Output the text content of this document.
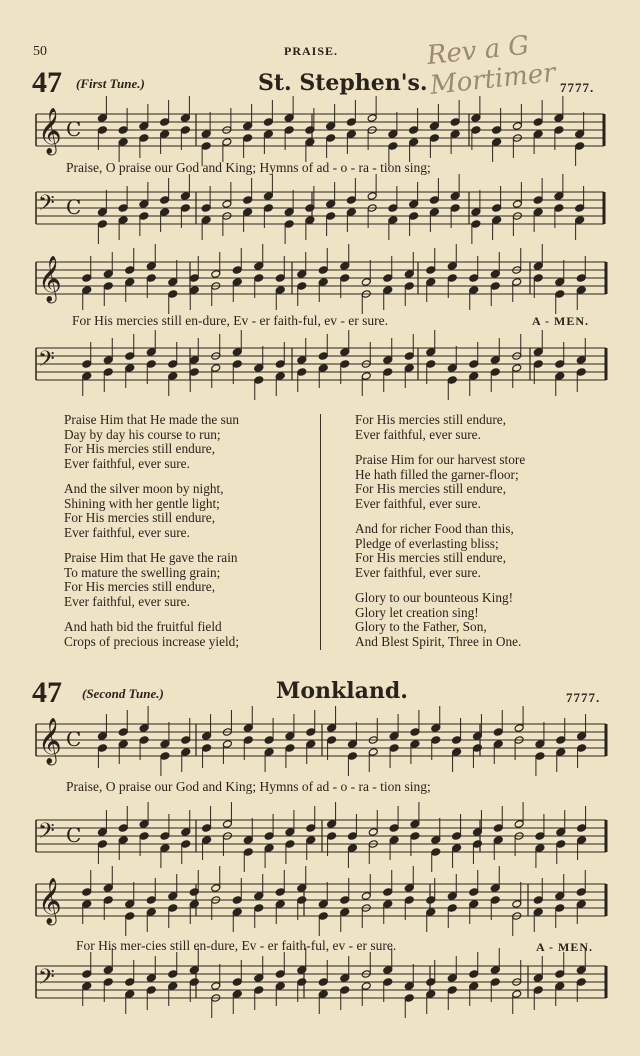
50	PRAISE.	Rev a G Mortimer
47 (First Tune.)	St. Stephen's.	7777.
𝄞 C
𝄢 C
𝄞
𝄢
𝄞 C
𝄢 C
𝄞
𝄢
Praise, O praise our God and King; Hymns of ad - o - ra - tion sing;
For His mercies still en-dure, Ev - er faith-ful, ev - er sure.	A - MEN.

Praise Him that He made the sun
Day by day his course to run;
For His mercies still endure,
Ever faithful, ever sure.

And the silver moon by night,
Shining with her gentle light;
For His mercies still endure,
Ever faithful, ever sure.

Praise Him that He gave the rain
To mature the swelling grain;
For His mercies still endure,
Ever faithful, ever sure.

And hath bid the fruitful field
Crops of precious increase yield;

For His mercies still endure,
Ever faithful, ever sure.

Praise Him for our harvest store
He hath filled the garner-floor;
For His mercies still endure,
Ever faithful, ever sure.

And for richer Food than this,
Pledge of everlasting bliss;
For His mercies still endure,
Ever faithful, ever sure.

Glory to our bounteous King!
Glory let creation sing!
Glory to the Father, Son,
And Blest Spirit, Three in One.

47 (Second Tune.)	Monkland.	7777.
Praise, O praise our God and King; Hymns of ad - o - ra - tion sing;
For His mer-cies still en-dure, Ev - er faith-ful, ev - er sure.	A - MEN.
